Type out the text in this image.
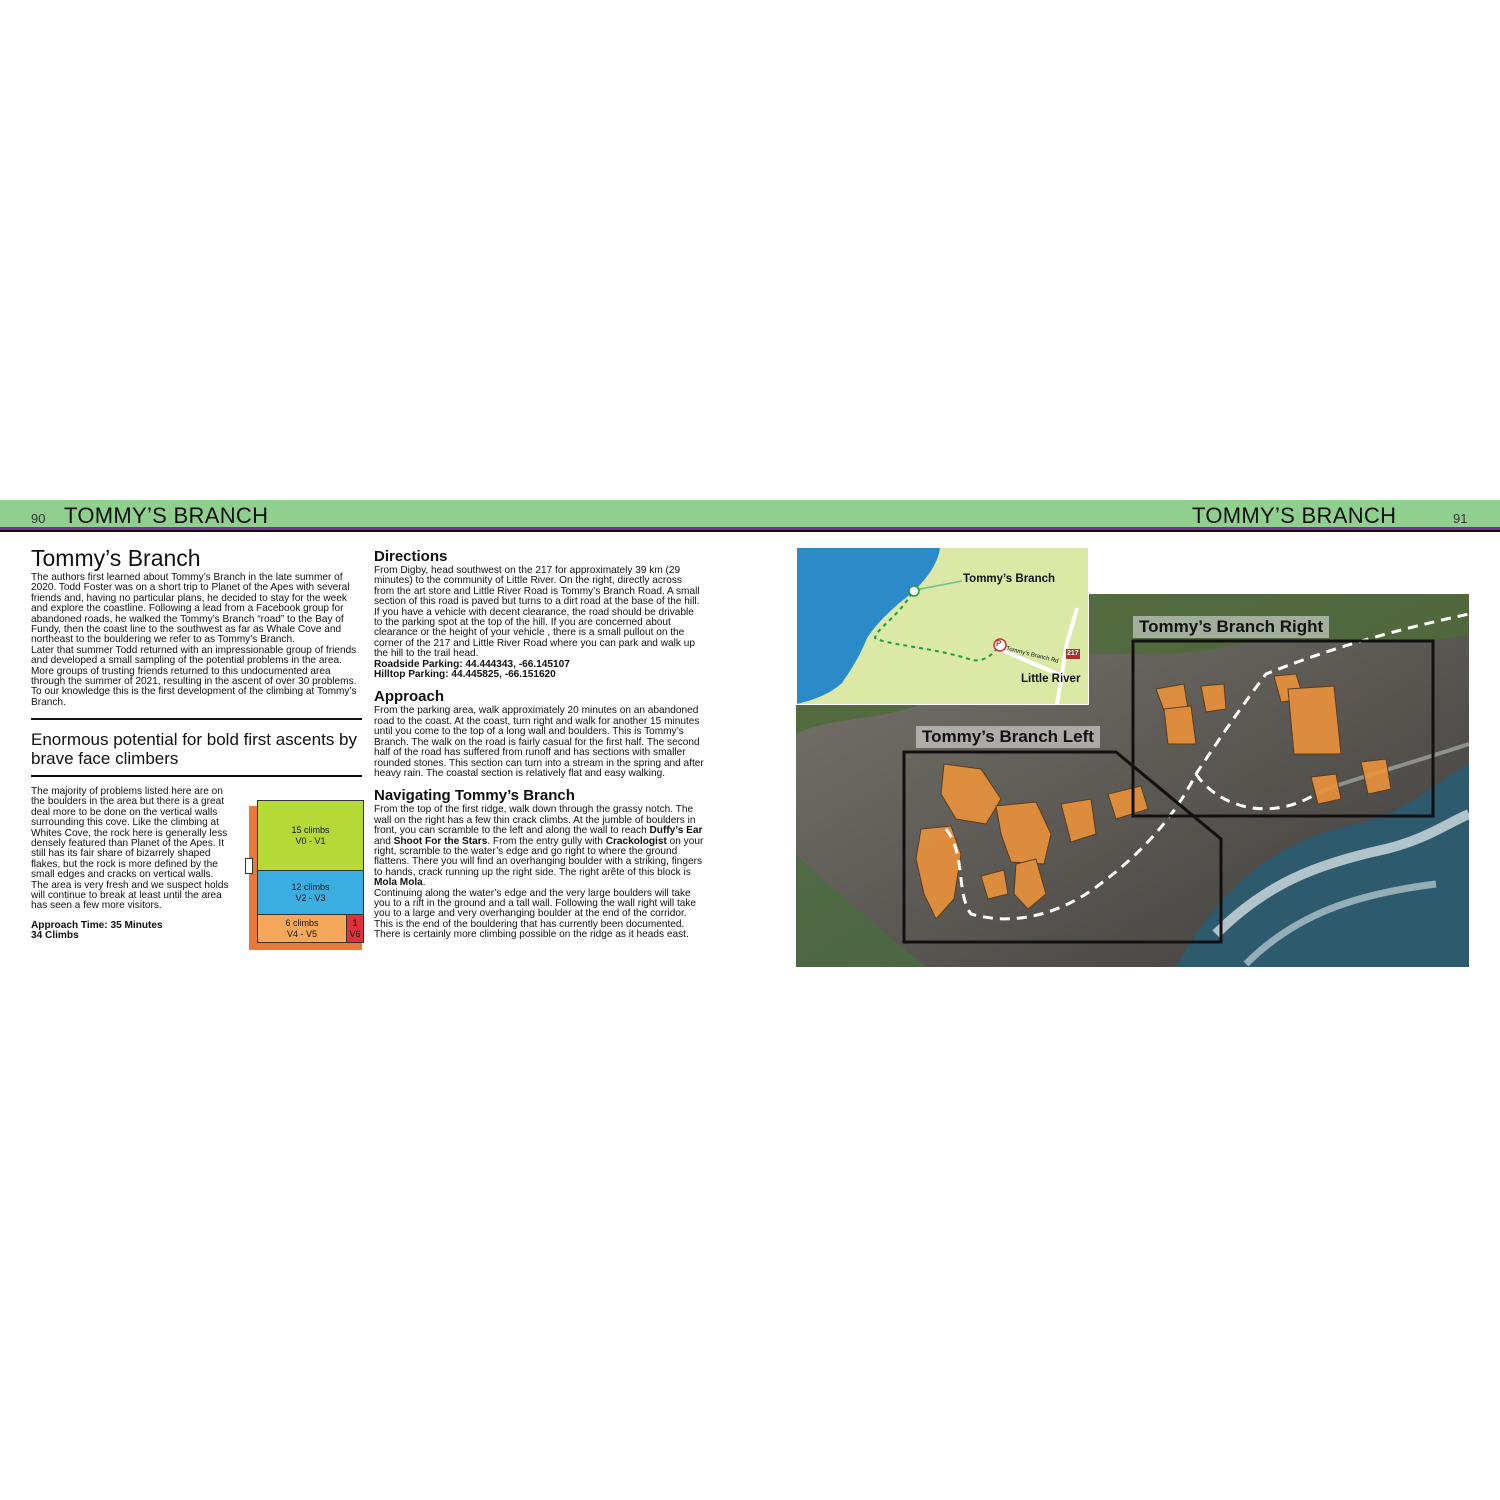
90 TOMMY’S BRANCH	TOMMY’S BRANCH	91
Tommy’s Branch

The authors first learned about Tommy’s Branch in the late summer of 2020. Todd Foster was on a short trip to Planet of the Apes with several friends and, having no particular plans, he decided to stay for the week and explore the coastline. Following a lead from a Facebook group for abandoned roads, he walked the Tommy’s Branch “road” to the Bay of Fundy, then the coast line to the southwest as far as Whale Cove and northeast to the bouldering we refer to as Tommy’s Branch.

Later that summer Todd returned with an impressionable group of friends and developed a small sampling of the potential problems in the area. More groups of trusting friends returned to this undocumented area through the summer of 2021, resulting in the ascent of over 30 problems. To our knowledge this is the first development of the climbing at Tommy’s Branch.

Enormous potential for bold first ascents by brave face climbers

The majority of problems listed here are on the boulders in the area but there is a great deal more to be done on the vertical walls surrounding this cove. Like the climbing at Whites Cove, the rock here is generally less densely featured than Planet of the Apes. It still has its fair share of bizarrely shaped flakes, but the rock is more defined by the small edges and cracks on vertical walls. The area is very fresh and we suspect holds will continue to break at least until the area has seen a few more visitors.

Approach Time: 35 Minutes

34 Climbs

15 climbs
V0 - V1
12 climbs
V2 - V3
6 climbs
V4 - V5
1
V6

Directions

From Digby, head southwest on the 217 for approximately 39 km (29 minutes) to the community of Little River. On the right, directly across from the art store and Little River Road is Tommy’s Branch Road. A small section of this road is paved but turns to a dirt road at the base of the hill. If you have a vehicle with decent clearance, the road should be drivable to the parking spot at the top of the hill. If you are concerned about clearance or the height of your vehicle , there is a small pullout on the corner of the 217 and Little River Road where you can park and walk up the hill to the trail head.

Roadside Parking: 44.444343, -66.145107

Hilltop Parking: 44.445825, -66.151620

Approach

From the parking area, walk approximately 20 minutes on an abandoned road to the coast. At the coast, turn right and walk for another 15 minutes until you come to the top of a long wall and boulders. This is Tommy’s Branch. The walk on the road is fairly casual for the first half. The second half of the road has suffered from runoff and has sections with smaller rounded stones. This section can turn into a stream in the spring and after heavy rain. The coastal section is relatively flat and easy walking.

Navigating Tommy’s Branch

From the top of the first ridge, walk down through the grassy notch. The wall on the right has a few thin crack climbs. At the jumble of boulders in front, you can scramble to the left and along the wall to reach Duffy’s Ear and Shoot For the Stars. From the entry gully with Crackologist on your right, scramble to the water’s edge and go right to where the ground flattens. There you will find an overhanging boulder with a striking, fingers to hands, crack running up the right side. The right arête of this block is Mola Mola.

Continuing along the water’s edge and the very large boulders will take you to a rift in the ground and a tall wall. Following the wall right will take you to a large and very overhanging boulder at the end of the corridor. This is the end of the bouldering that has currently been documented. There is certainly more climbing possible on the ridge as it heads east.

Tommy’s Branch Right
Tommy’s Branch Left
Tommy’s Branch
P
Tommy’s Branch Rd 217
Little River
